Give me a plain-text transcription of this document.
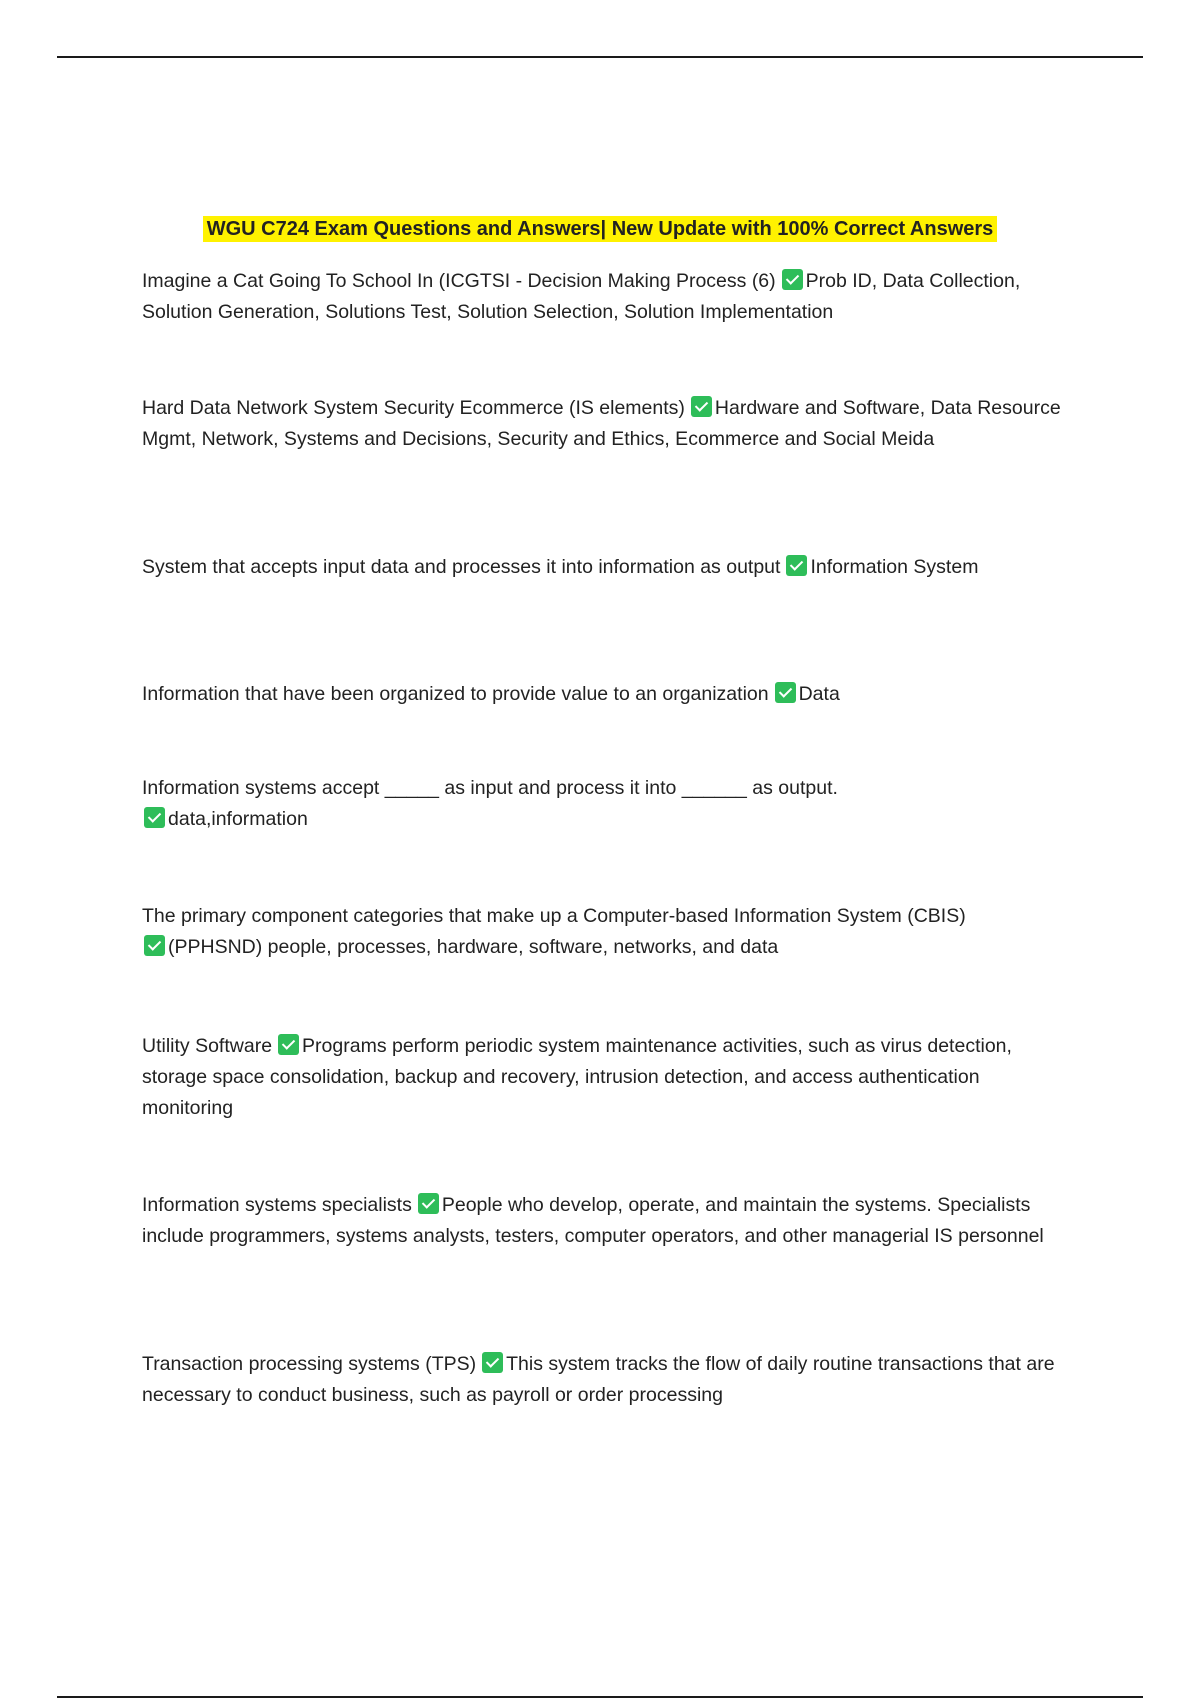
WGU C724 Exam Questions and Answers| New Update with 100% Correct Answers

Imagine a Cat Going To School In (ICGTSI - Decision Making Process (6) Prob ID, Data Collection, Solution Generation, Solutions Test, Solution Selection, Solution Implementation

Hard Data Network System Security Ecommerce (IS elements) Hardware and Software, Data Resource Mgmt, Network, Systems and Decisions, Security and Ethics, Ecommerce and Social Meida

System that accepts input data and processes it into information as output Information System

Information that have been organized to provide value to an organization Data

Information systems accept _____ as input and process it into ______ as output.
data,information

The primary component categories that make up a Computer-based Information System (CBIS)
(PPHSND) people, processes, hardware, software, networks, and data

Utility Software Programs perform periodic system maintenance activities, such as virus detection, storage space consolidation, backup and recovery, intrusion detection, and access authentication monitoring

Information systems specialists People who develop, operate, and maintain the systems. Specialists include programmers, systems analysts, testers, computer operators, and other managerial IS personnel

Transaction processing systems (TPS) This system tracks the flow of daily routine transactions that are necessary to conduct business, such as payroll or order processing
